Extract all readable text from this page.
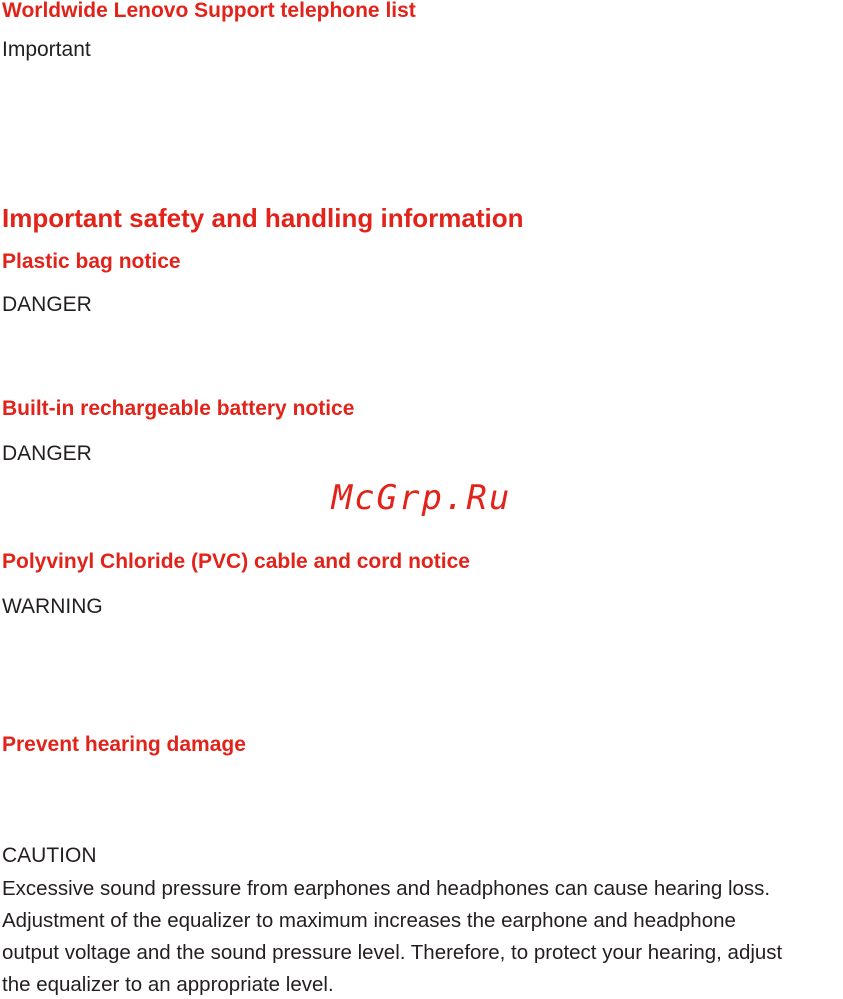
Worldwide Lenovo Support telephone list

Important

Important safety and handling information
Plastic bag notice

DANGER

Built-in rechargeable battery notice

DANGER

McGrp.Ru
Polyvinyl Chloride (PVC) cable and cord notice

WARNING

Prevent hearing damage

CAUTION

Excessive sound pressure from earphones and headphones can cause hearing loss.

Adjustment of the equalizer to maximum increases the earphone and headphone

output voltage and the sound pressure level. Therefore, to protect your hearing, adjust

the equalizer to an appropriate level.
